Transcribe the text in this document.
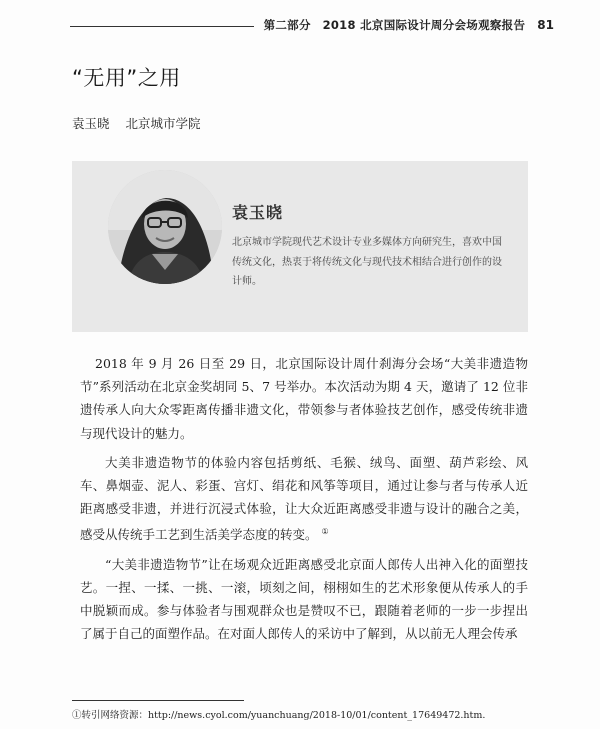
第二部分　2018 北京国际设计周分会场观察报告 81
“无用”之用
袁玉晓 北京城市学院
袁玉晓
北京城市学院现代艺术设计专业多媒体方向研究生，喜欢中国传统文化，热衷于将传统文化与现代技术相结合进行创作的设计师。

2018 年 9 月 26 日至 29 日，北京国际设计周什刹海分会场“大美非遗造物节”系列活动在北京金奖胡同 5、7 号举办。本次活动为期 4 天，邀请了 12 位非遗传承人向大众零距离传播非遗文化，带领参与者体验技艺创作，感受传统非遗与现代设计的魅力。

大美非遗造物节的体验内容包括剪纸、毛猴、绒鸟、面塑、葫芦彩绘、风车、鼻烟壶、泥人、彩蛋、宫灯、绢花和风筝等项目，通过让参与者与传承人近距离感受非遗，并进行沉浸式体验，让大众近距离感受非遗与设计的融合之美，感受从传统手工艺到生活美学态度的转变。 ①

“大美非遗造物节”让在场观众近距离感受北京面人郎传人出神入化的面塑技艺。一捏、一揉、一挑、一滚，顷刻之间，栩栩如生的艺术形象便从传承人的手中脱颖而成。参与体验者与围观群众也是赞叹不已，跟随着老师的一步一步捏出了属于自己的面塑作品。在对面人郎传人的采访中了解到，从以前无人理会传承

①转引网络资源：http://news.cyol.com/yuanchuang/2018-10/01/content_17649472.htm.
